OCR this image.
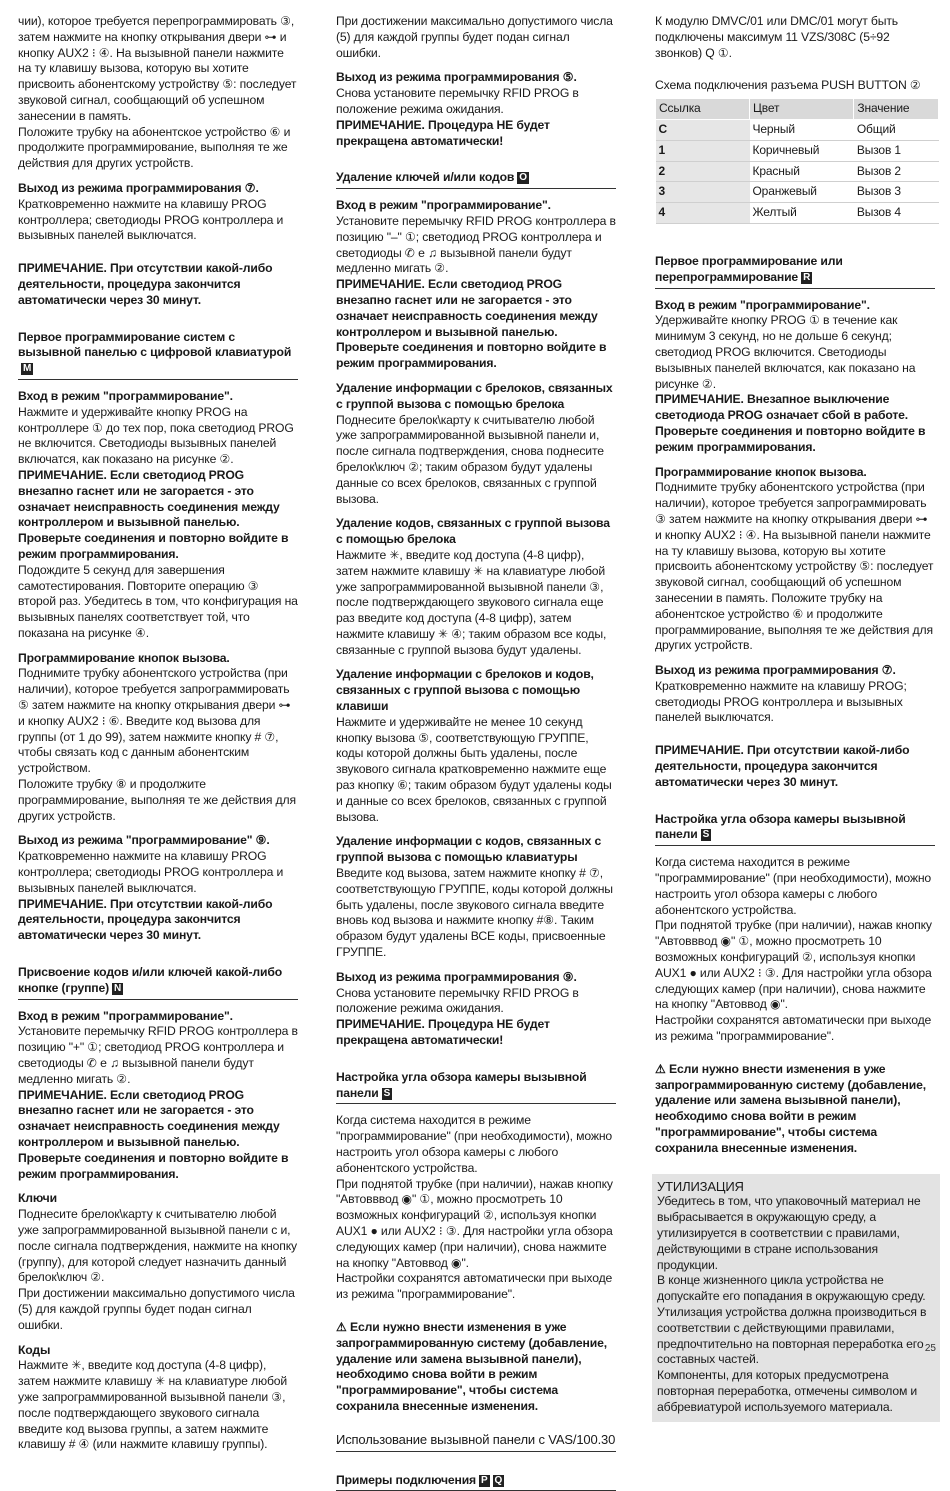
чии), которое требуется перепрограммировать ③, затем нажмите на кнопку открывания двери ⊶ и кнопку AUX2 ⁝ ④. На вызывной панели нажмите на ту клавишу вызова, которую вы хотите присвоить абонентскому устройству ⑤: последует звуковой сигнал, сообщающий об успешном занесении в память.

Положите трубку на абонентское устройство ⑥ и продолжите программирование, выполняя те же действия для других устройств.

Выход из режима программирования ⑦.

Кратковременно нажмите на клавишу PROG контроллера; светодиоды PROG контроллера и вызывных панелей выключатся.

ПРИМЕЧАНИЕ. При отсутствии какой-либо деятельности, процедура закончится автоматически через 30 минут.

Первое программирование систем с вызывной панелью с цифровой клавиатуройM

Вход в режим "программирование".

Нажмите и удерживайте кнопку PROG на контроллере ① до тех пор, пока светодиод PROG не включится. Светодиоды вызывных панелей включатся, как показано на рисунке ②.

ПРИМЕЧАНИЕ. Если светодиод PROG внезапно гаснет или не загорается - это означает неисправность соединения между контроллером и вызывной панелью. Проверьте соединения и повторно войдите в режим программирования.

Подождите 5 секунд для завершения самотестирования. Повторите операцию ③ второй раз. Убедитесь в том, что конфигурация на вызывных панелях соответствует той, что показана на рисунке ④.

Программирование кнопок вызова.

Поднимите трубку абонентского устройства (при наличии), которое требуется запрограммировать ⑤ затем нажмите на кнопку открывания двери ⊶ и кнопку AUX2 ⁝ ⑥. Введите код вызова для группы (от 1 до 99), затем нажмите кнопку # ⑦, чтобы связать код с данным абонентским устройством.

Положите трубку ⑧ и продолжите программирование, выполняя те же действия для других устройств.

Выход из режима "программирование" ⑨.

Кратковременно нажмите на клавишу PROG контроллера; светодиоды PROG контроллера и вызывных панелей выключатся.

ПРИМЕЧАНИЕ. При отсутствии какой-либо деятельности, процедура закончится автоматически через 30 минут.

Присвоение кодов и/или ключей какой-либо кнопке (группе) N

Вход в режим "программирование".

Установите перемычку RFID PROG контроллера в позицию "+" ①; светодиод PROG контроллера и светодиоды ✆ е ♫ вызывной панели будут медленно мигать ②.

ПРИМЕЧАНИЕ. Если светодиод PROG внезапно гаснет или не загорается - это означает неисправность соединения между контроллером и вызывной панелью. Проверьте соединения и повторно войдите в режим программирования.

Ключи

Поднесите брелок\карту к считывателю любой уже запрограммированной вызывной панели с и, после сигнала подтверждения, нажмите на кнопку (группу), для которой следует назначить данный брелок\ключ ②.

При достижении максимально допустимого числа (5) для каждой группы будет подан сигнал ошибки.

Коды

Нажмите ✳, введите код доступа (4-8 цифр), затем нажмите клавишу ✳ на клавиатуре любой уже запрограммированной вызывной панели ③, после подтверждающего звукового сигнала введите код вызова группы, а затем нажмите клавишу # ④ (или нажмите клавишу группы).

При достижении максимально допустимого числа (5) для каждой группы будет подан сигнал ошибки.

Выход из режима программирования ⑤.

Снова установите перемычку RFID PROG в положение режима ожидания.

ПРИМЕЧАНИЕ. Процедура НЕ будет прекращена автоматически!

Удаление ключей и/или кодов O

Вход в режим "программирование".

Установите перемычку RFID PROG контроллера в позицию "–" ①; светодиод PROG контроллера и светодиоды ✆ е ♫ вызывной панели будут медленно мигать ②.

ПРИМЕЧАНИЕ. Если светодиод PROG внезапно гаснет или не загорается - это означает неисправность соединения между контроллером и вызывной панелью. Проверьте соединения и повторно войдите в режим программирования.

Удаление информации с брелоков, связанных с группой вызова с помощью брелока

Поднесите брелок\карту к считывателю любой уже запрограммированной вызывной панели и, после сигнала подтверждения, снова поднесите брелок\ключ ②; таким образом будут удалены данные со всех брелоков, связанных с группой вызова.

Удаление кодов, связанных с группой вызова с помощью брелока

Нажмите ✳, введите код доступа (4-8 цифр), затем нажмите клавишу ✳ на клавиатуре любой уже запрограммированной вызывной панели ③, после подтверждающего звукового сигнала еще раз введите код доступа (4-8 цифр), затем нажмите клавишу ✳ ④; таким образом все коды, связанные с группой вызова будут удалены.

Удаление информации с брелоков и кодов, связанных с группой вызова с помощью клавиши

Нажмите и удерживайте не менее 10 секунд кнопку вызова ⑤, соответствующую ГРУППЕ, коды которой должны быть удалены, после звукового сигнала кратковременно нажмите еще раз кнопку ⑥; таким образом будут удалены коды и данные со всех брелоков, связанных с группой вызова.

Удаление информации с кодов, связанных с группой вызова с помощью клавиатуры

Введите код вызова, затем нажмите кнопку # ⑦, соответствующую ГРУППЕ, коды которой должны быть удалены, после звукового сигнала введите вновь код вызова и нажмите кнопку #⑧. Таким образом будут удалены ВСЕ коды, присвоенные ГРУППЕ.

Выход из режима программирования ⑨.

Снова установите перемычку RFID PROG в положение режима ожидания.

ПРИМЕЧАНИЕ. Процедура НЕ будет прекращена автоматически!

Настройка угла обзора камеры вызывной панели S

Когда система находится в режиме "программирование" (при необходимости), можно настроить угол обзора камеры с любого абонентского устройства.

При поднятой трубке (при наличии), нажав кнопку "Автовввод ◉" ①, можно просмотреть 10 возможных конфигураций ②, используя кнопки AUX1 ● или AUX2 ⁝ ③. Для настройки угла обзора следующих камер (при наличии), снова нажмите на кнопку "Автоввод ◉".

Настройки сохранятся автоматически при выходе из режима "программирование".

⚠ Если нужно внести изменения в уже запрограммированную систему (добавление, удаление или замена вызывной панели), необходимо снова войти в режим "программирование", чтобы система сохранила внесенные изменения.

Использование вызывной панели с VAS/100.30
Примеры подключения P Q

К модулю DMVC/01 или DMC/01 могут быть подключены максимум 11 VZS/308C (5÷92 звонков) Q ①.

Схема подключения разъема PUSH BUTTON ②

Ссылка	Цвет	Значение
C	Черный	Общий
1	Коричневый	Вызов 1
2	Красный	Вызов 2
3	Оранжевый	Вызов 3
4	Желтый	Вызов 4
Первое программирование или перепрограммирование R

Вход в режим "программирование".

Удерживайте кнопку PROG ① в течение как минимум 3 секунд, но не дольше 6 секунд; светодиод PROG включится. Светодиоды вызывных панелей включатся, как показано на рисунке ②.

ПРИМЕЧАНИЕ. Внезапное выключение светодиода PROG означает сбой в работе. Проверьте соединения и повторно войдите в режим программирования.

Программирование кнопок вызова.

Поднимите трубку абонентского устройства (при наличии), которое требуется запрограммировать ③ затем нажмите на кнопку открывания двери ⊶ и кнопку AUX2 ⁝ ④. На вызывной панели нажмите на ту клавишу вызова, которую вы хотите присвоить абонентскому устройству ⑤: последует звуковой сигнал, сообщающий об успешном занесении в память. Положите трубку на абонентское устройство ⑥ и продолжите программирование, выполняя те же действия для других устройств.

Выход из режима программирования ⑦.

Кратковременно нажмите на клавишу PROG; светодиоды PROG контроллера и вызывных панелей выключатся.

ПРИМЕЧАНИЕ. При отсутствии какой-либо деятельности, процедура закончится автоматически через 30 минут.

Настройка угла обзора камеры вызывной панели S

Когда система находится в режиме "программирование" (при необходимости), можно настроить угол обзора камеры с любого абонентского устройства.

При поднятой трубке (при наличии), нажав кнопку "Автовввод ◉" ①, можно просмотреть 10 возможных конфигураций ②, используя кнопки AUX1 ● или AUX2 ⁝ ③. Для настройки угла обзора следующих камер (при наличии), снова нажмите на кнопку "Автоввод ◉".

Настройки сохранятся автоматически при выходе из режима "программирование".

⚠ Если нужно внести изменения в уже запрограммированную систему (добавление, удаление или замена вызывной панели), необходимо снова войти в режим "программирование", чтобы система сохранила внесенные изменения.

УТИЛИЗАЦИЯ

Убедитесь в том, что упаковочный материал не выбрасывается в окружающую среду, а утилизируется в соответствии с правилами, действующими в стране использования продукции.

В конце жизненного цикла устройства не допускайте его попадания в окружающую среду.

Утилизация устройства должна производиться в соответствии с действующими правилами, предпочтительно на повторная переработка его составных частей.

Компоненты, для которых предусмотрена повторная переработка, отмечены символом и аббревиатурой используемого материала.

25
